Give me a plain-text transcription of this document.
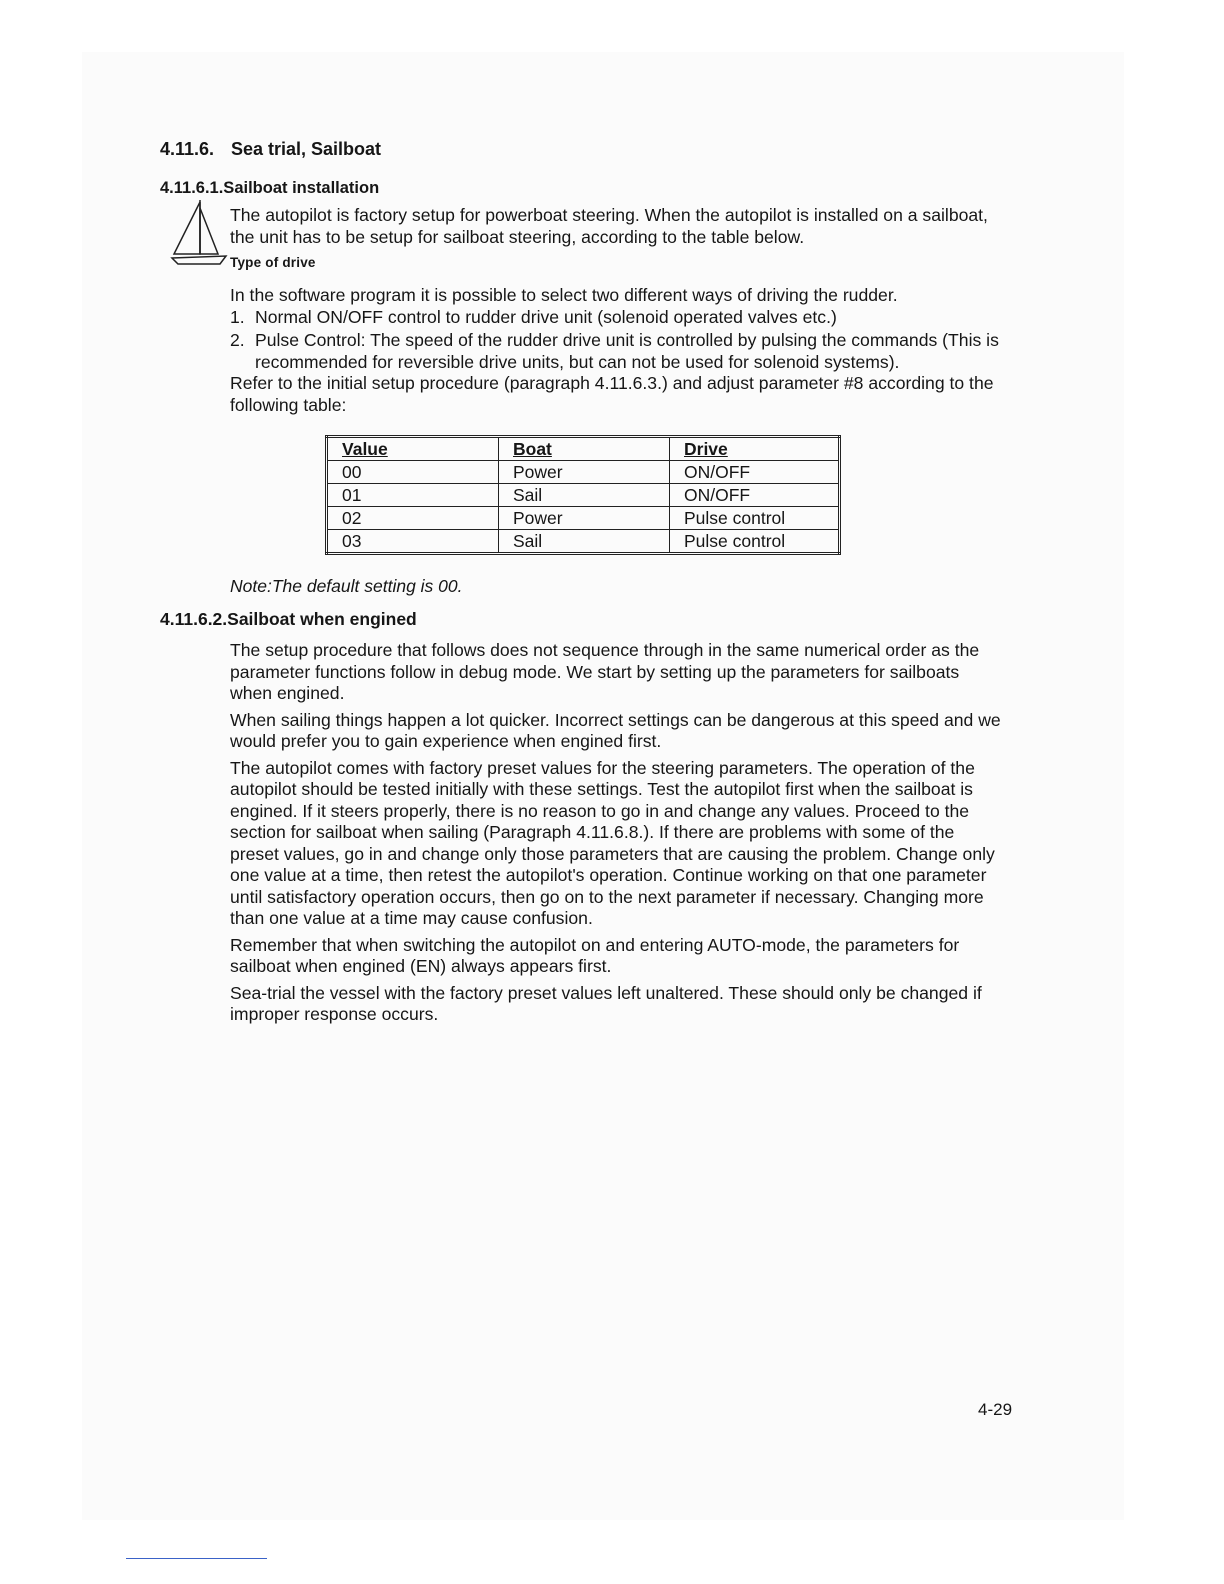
4.11.6. Sea trial, Sailboat
4.11.6.1.Sailboat installation
The autopilot is factory setup for powerboat steering. When the autopilot is installed on a sailboat, the unit has to be setup for sailboat steering, according to the table below.
Type of drive

In the software program it is possible to select two different ways of driving the rudder.

1. Normal ON/OFF control to rudder drive unit (solenoid operated valves etc.)
2. Pulse Control: The speed of the rudder drive unit is controlled by pulsing the commands (This is recommended for reversible drive units, but can not be used for solenoid systems).

Refer to the initial setup procedure (paragraph 4.11.6.3.) and adjust parameter #8 according to the following table:

Value	Boat	Drive
00	Power	ON/OFF
01	Sail	ON/OFF
02	Power	Pulse control
03	Sail	Pulse control
Note:The default setting is 00.
4.11.6.2.Sailboat when engined

The setup procedure that follows does not sequence through in the same numerical order as the parameter functions follow in debug mode. We start by setting up the parameters for sailboats when engined.

When sailing things happen a lot quicker. Incorrect settings can be dangerous at this speed and we would prefer you to gain experience when engined first.

The autopilot comes with factory preset values for the steering parameters. The operation of the autopilot should be tested initially with these settings. Test the autopilot first when the sailboat is engined. If it steers properly, there is no reason to go in and change any values. Proceed to the section for sailboat when sailing (Paragraph 4.11.6.8.). If there are problems with some of the preset values, go in and change only those parameters that are causing the problem. Change only one value at a time, then retest the autopilot's operation. Continue working on that one parameter until satisfactory operation occurs, then go on to the next parameter if necessary. Changing more than one value at a time may cause confusion.

Remember that when switching the autopilot on and entering AUTO-mode, the parameters for sailboat when engined (EN) always appears first.

Sea-trial the vessel with the factory preset values left unaltered. These should only be changed if improper response occurs.

4-29
